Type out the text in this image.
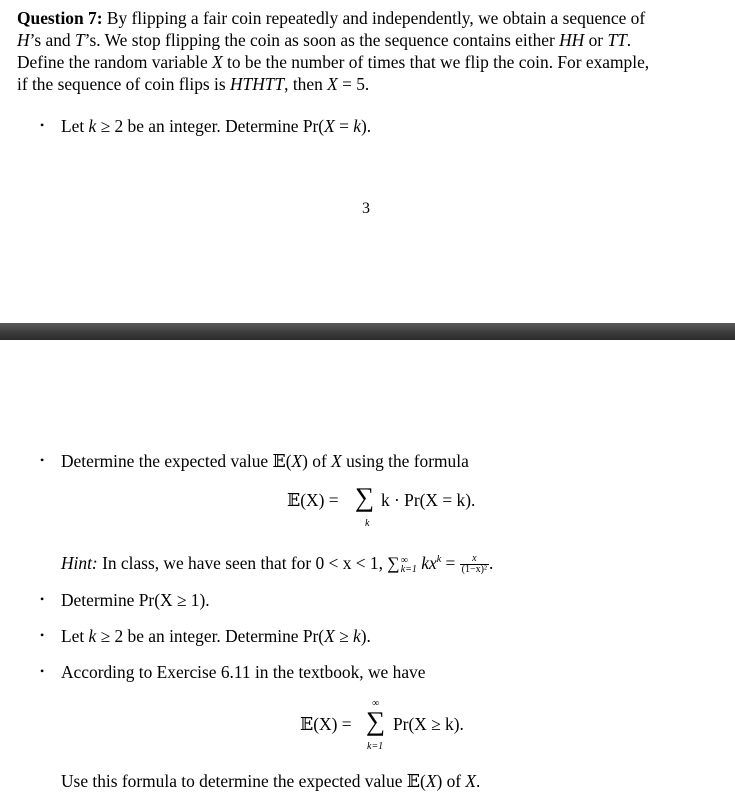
Question 7: By flipping a fair coin repeatedly and independently, we obtain a sequence of
H’s and T’s. We stop flipping the coin as soon as the sequence contains either HH or TT.
Define the random variable X to be the number of times that we flip the coin. For example,
if the sequence of coin flips is HTHTT, then X = 5.
• Let k ≥ 2 be an integer. Determine Pr(X = k).
3
• Determine the expected value 𝔼(X) of X using the formula
𝔼(X) = ∑
k
k · Pr(X = k).
Hint: In class, we have seen that for 0 < x < 1, ∑ ∞
k=1 $kx^k = \frac{x}{\text{(1−x)²}}$ .
• Determine Pr(X ≥ 1).
• Let k ≥ 2 be an integer. Determine Pr(X ≥ k).
• According to Exercise 6.11 in the textbook, we have
∞
𝔼(X) = ∑
k=1
Pr(X ≥ k).
Use this formula to determine the expected value 𝔼(X) of X.
